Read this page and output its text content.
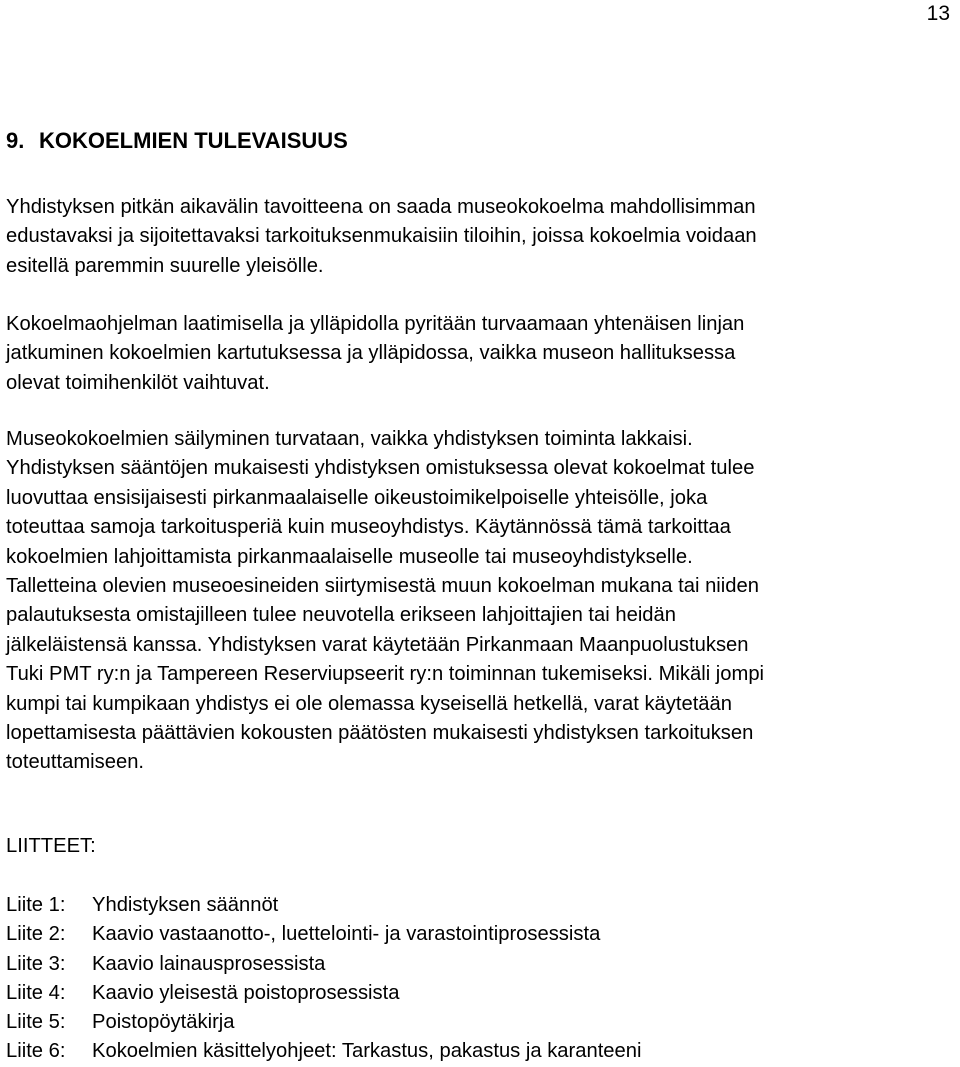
13
9. KOKOELMIEN TULEVAISUUS

Yhdistyksen pitkän aikavälin tavoitteena on saada museokokoelma mahdollisimman
edustavaksi ja sijoitettavaksi tarkoituksenmukaisiin tiloihin, joissa kokoelmia voidaan
esitellä paremmin suurelle yleisölle.

Kokoelmaohjelman laatimisella ja ylläpidolla pyritään turvaamaan yhtenäisen linjan
jatkuminen kokoelmien kartutuksessa ja ylläpidossa, vaikka museon hallituksessa
olevat toimihenkilöt vaihtuvat.

Museokokoelmien säilyminen turvataan, vaikka yhdistyksen toiminta lakkaisi.
Yhdistyksen sääntöjen mukaisesti yhdistyksen omistuksessa olevat kokoelmat tulee
luovuttaa ensisijaisesti pirkanmaalaiselle oikeustoimikelpoiselle yhteisölle, joka
toteuttaa samoja tarkoitusperiä kuin museoyhdistys. Käytännössä tämä tarkoittaa
kokoelmien lahjoittamista pirkanmaalaiselle museolle tai museoyhdistykselle.
Talletteina olevien museoesineiden siirtymisestä muun kokoelman mukana tai niiden
palautuksesta omistajilleen tulee neuvotella erikseen lahjoittajien tai heidän
jälkeläistensä kanssa. Yhdistyksen varat käytetään Pirkanmaan Maanpuolustuksen
Tuki PMT ry:n ja Tampereen Reserviupseerit ry:n toiminnan tukemiseksi. Mikäli jompi
kumpi tai kumpikaan yhdistys ei ole olemassa kyseisellä hetkellä, varat käytetään
lopettamisesta päättävien kokousten päätösten mukaisesti yhdistyksen tarkoituksen
toteuttamiseen.

LIITTEET:
Liite 1: Yhdistyksen säännöt
Liite 2: Kaavio vastaanotto-, luettelointi- ja varastointiprosessista
Liite 3: Kaavio lainausprosessista
Liite 4: Kaavio yleisestä poistoprosessista
Liite 5: Poistopöytäkirja
Liite 6: Kokoelmien käsittelyohjeet: Tarkastus, pakastus ja karanteeni
